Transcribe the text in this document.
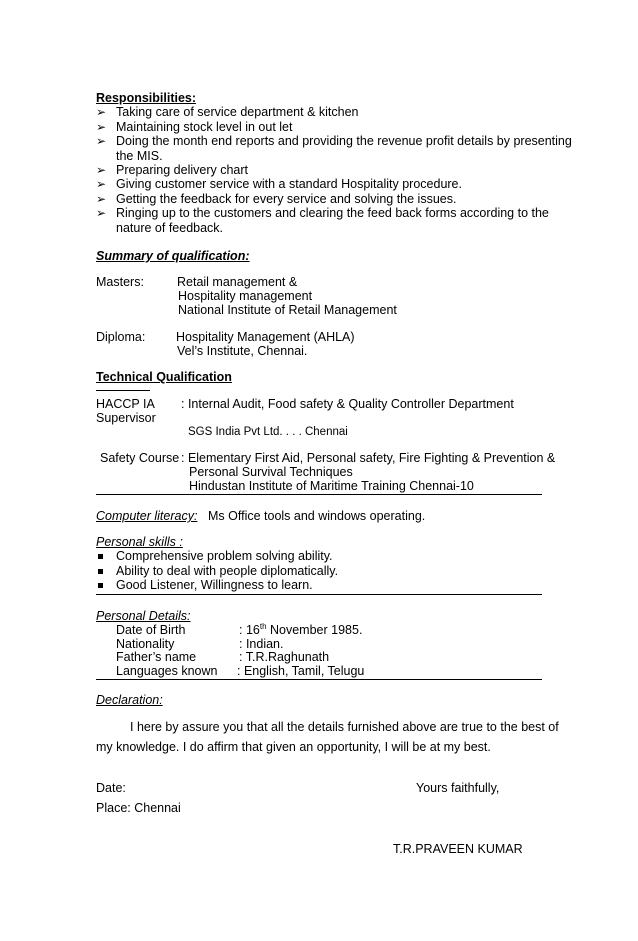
Responsibilities:
➢ Taking care of service department & kitchen
➢ Maintaining stock level in out let
➢ Doing the month end reports and providing the revenue profit details by presenting the MIS.
➢ Preparing delivery chart
➢ Giving customer service with a standard Hospitality procedure.
➢ Getting the feedback for every service and solving the issues.
➢ Ringing up to the customers and clearing the feed back forms according to the nature of feedback.
Summary of qualification:
Masters:	Retail management &
Hospitality management
National Institute of Retail Management
Diploma: Hospitality Management (AHLA)
Vel’s Institute, Chennai.
Technical Qualification
HACCP IA
Supervisor
: Internal Audit, Food safety & Quality Controller Department
SGS India Pvt Ltd. . . . Chennai
Safety Course : Elementary First Aid, Personal safety, Fire Fighting & Prevention &
Personal Survival Techniques
Hindustan Institute of Maritime Training Chennai-10
Computer literacy: Ms Office tools and windows operating.
Personal skills :
Comprehensive problem solving ability.
Ability to deal with people diplomatically.
Good Listener, Willingness to learn.
Personal Details:
Date of Birth	: 16th November 1985.
Nationality	: Indian.
Father’s name	: T.R.Raghunath
Languages known : English, Tamil, Telugu
Declaration:
I here by assure you that all the details furnished above are true to the best of
my knowledge. I do affirm that given an opportunity, I will be at my best.
Date:	Yours faithfully,
Place: Chennai
T.R.PRAVEEN KUMAR
